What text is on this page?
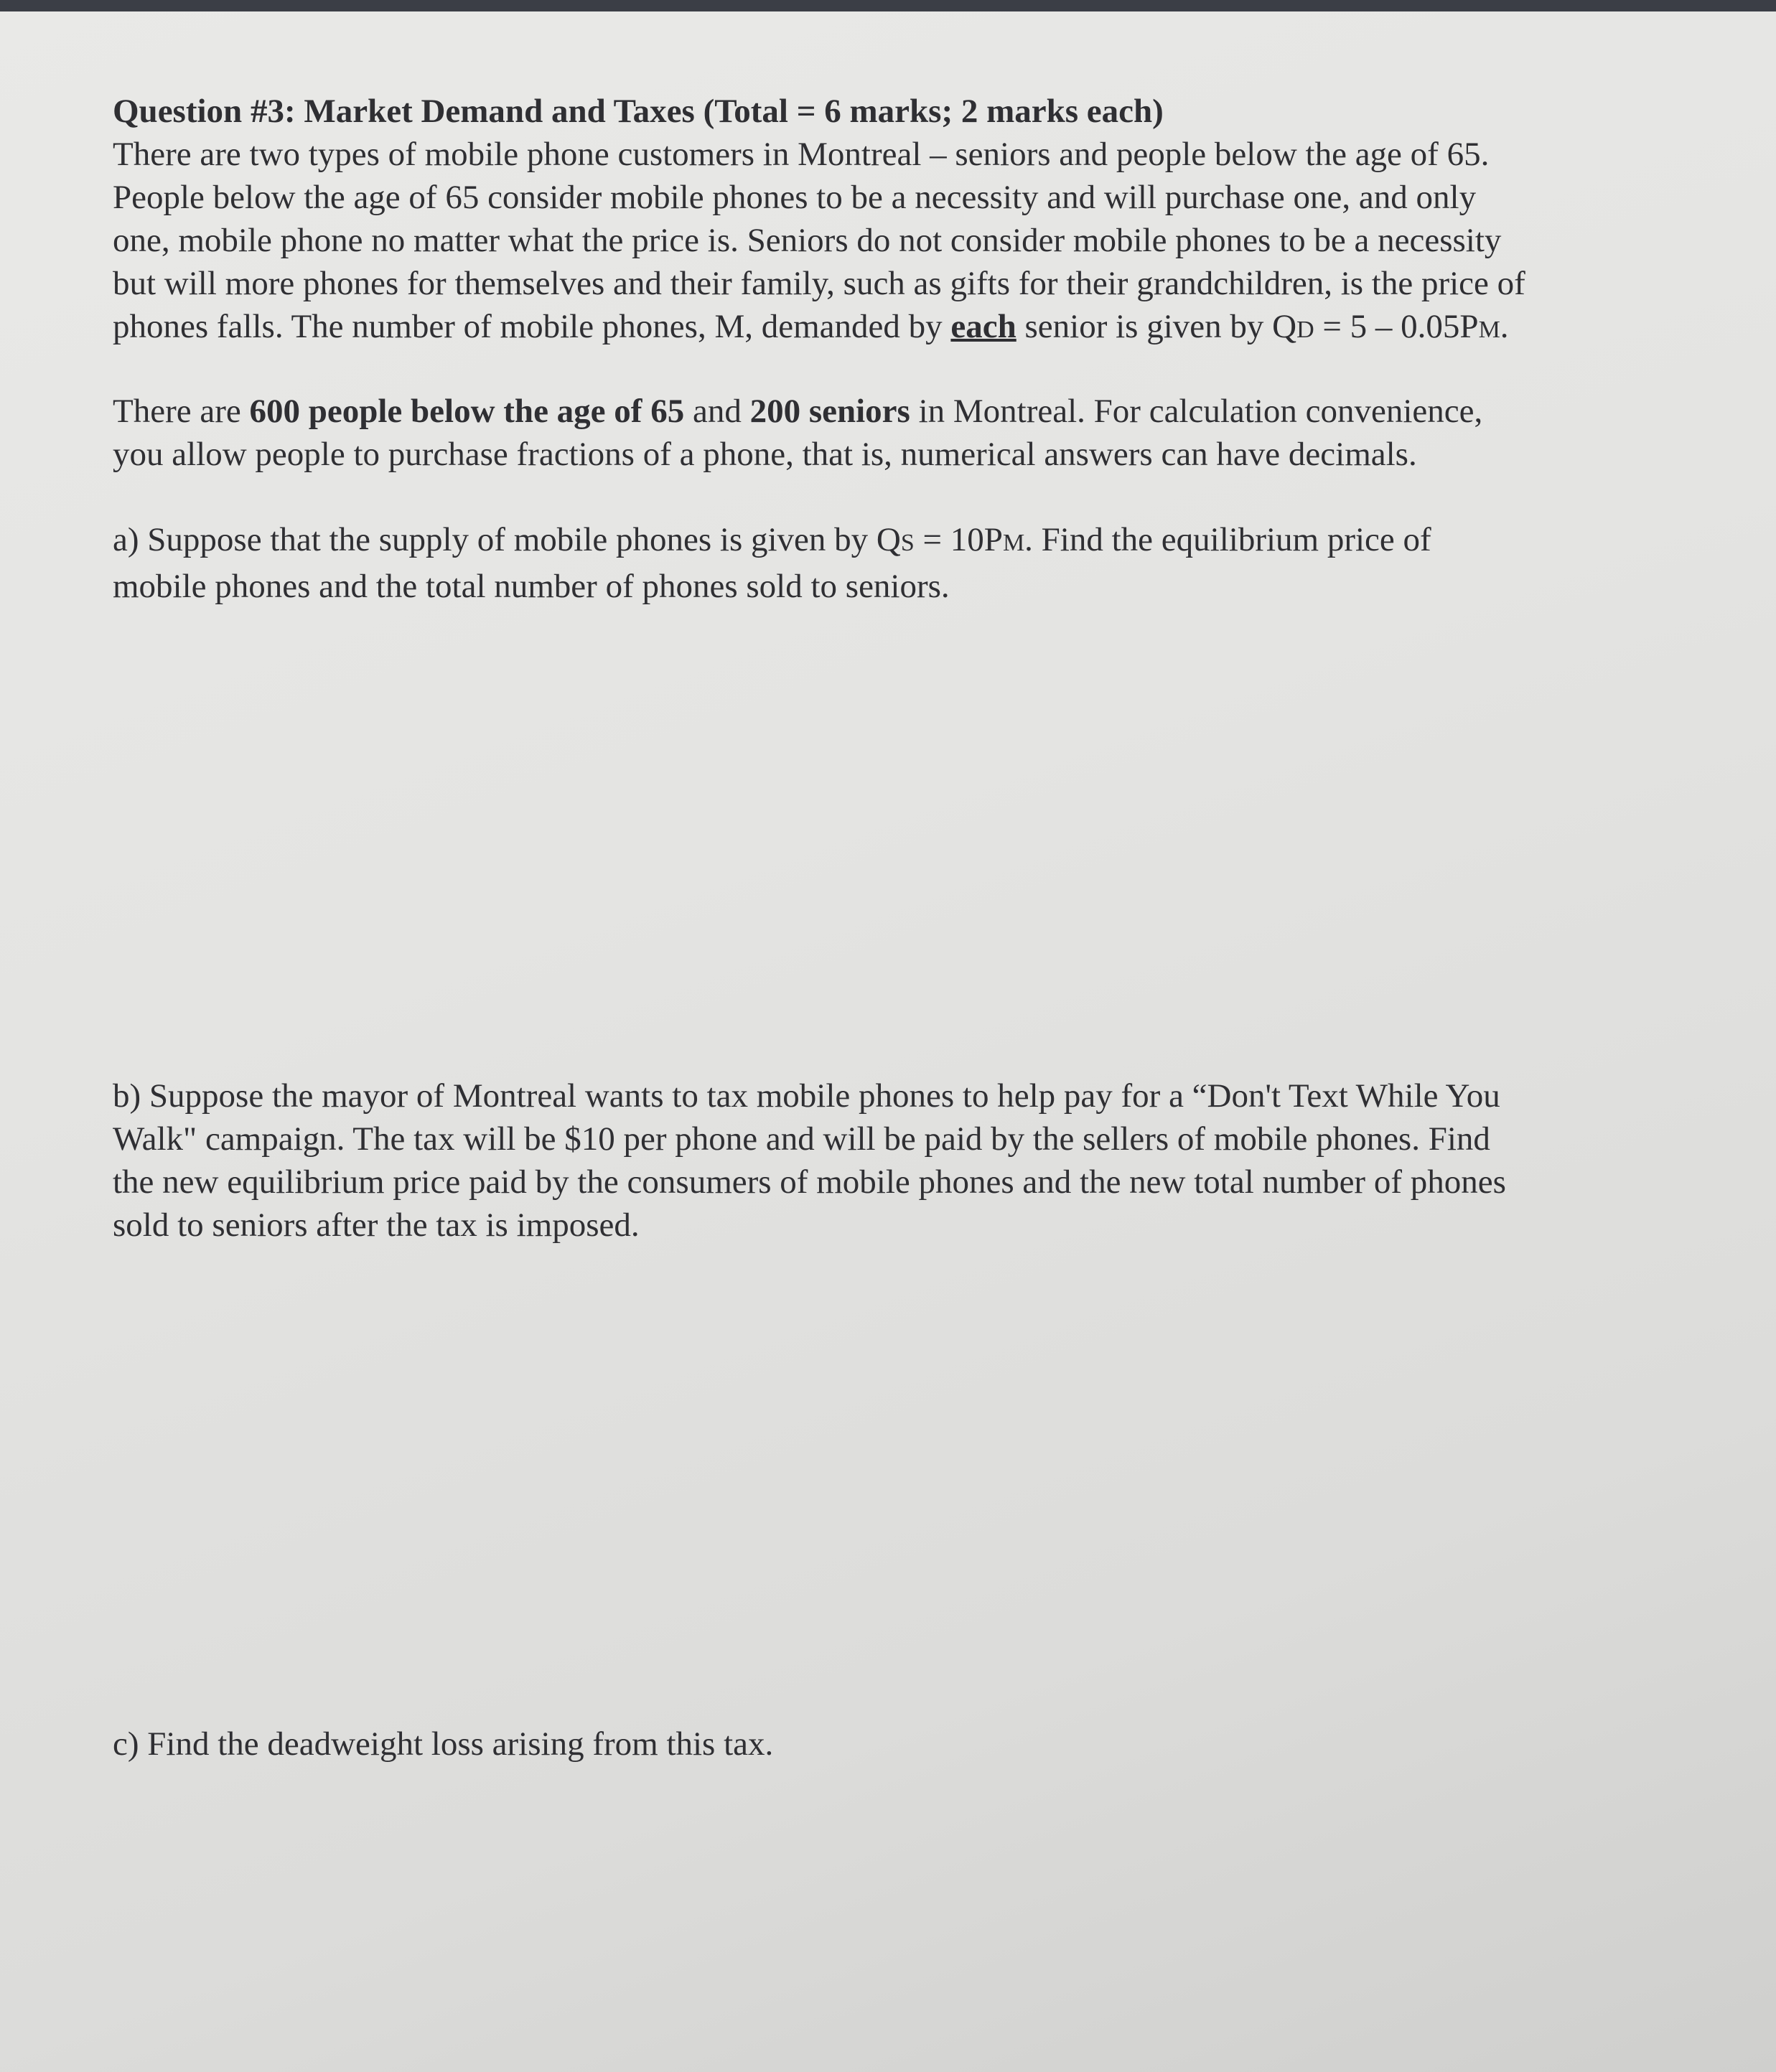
Question #3: Market Demand and Taxes (Total = 6 marks; 2 marks each)
There are two types of mobile phone customers in Montreal – seniors and people below the age of 65.
People below the age of 65 consider mobile phones to be a necessity and will purchase one, and only
one, mobile phone no matter what the price is. Seniors do not consider mobile phones to be a necessity
but will more phones for themselves and their family, such as gifts for their grandchildren, is the price of
phones falls. The number of mobile phones, M, demanded by each senior is given by QD = 5 – 0.05PM.
There are 600 people below the age of 65 and 200 seniors in Montreal. For calculation convenience,
you allow people to purchase fractions of a phone, that is, numerical answers can have decimals.
a) Suppose that the supply of mobile phones is given by QS = 10PM. Find the equilibrium price of
mobile phones and the total number of phones sold to seniors.
b) Suppose the mayor of Montreal wants to tax mobile phones to help pay for a “Don't Text While You
Walk" campaign. The tax will be $10 per phone and will be paid by the sellers of mobile phones. Find
the new equilibrium price paid by the consumers of mobile phones and the new total number of phones
sold to seniors after the tax is imposed.
c) Find the deadweight loss arising from this tax.
